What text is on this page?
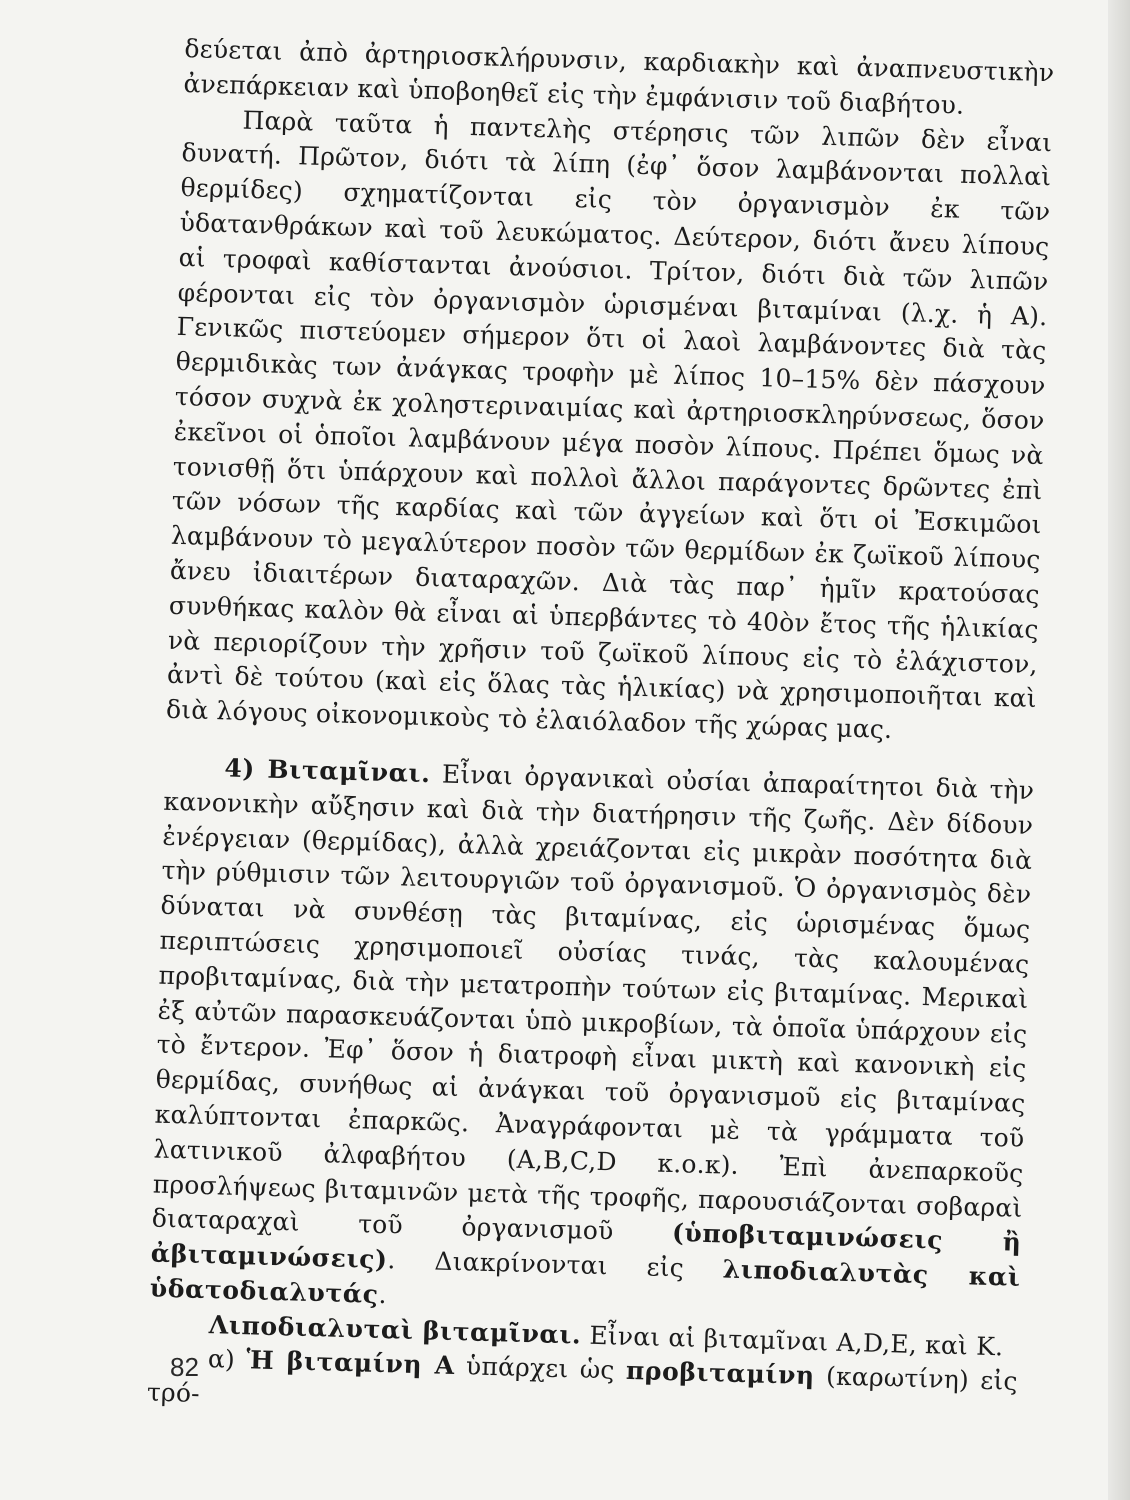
δεύεται ἀπὸ ἀρτηριοσκλήρυνσιν, καρδιακὴν καὶ ἀναπνευστικὴν ἀνεπάρκειαν καὶ ὑποβοηθεῖ εἰς τὴν ἐμφάνισιν τοῦ διαβήτου.

Παρὰ ταῦτα ἡ παντελὴς στέρησις τῶν λιπῶν δὲν εἶναι δυνατή. Πρῶτον, διότι τὰ λίπη (ἐφ᾽ ὅσον λαμβάνονται πολλαὶ θερμίδες) σχηματίζονται εἰς τὸν ὀργανισμὸν ἐκ τῶν ὑδατανθράκων καὶ τοῦ λευκώματος. Δεύτερον, διότι ἄνευ λίπους αἱ τροφαὶ καθίστανται ἀνούσιοι. Τρίτον, διότι διὰ τῶν λιπῶν φέρονται εἰς τὸν ὀργανισμὸν ὡρισμέναι βιταμίναι (λ.χ. ἡ Α). Γενικῶς πιστεύομεν σήμερον ὅτι οἱ λαοὶ λαμβάνοντες διὰ τὰς θερμιδικὰς των ἀνάγκας τροφὴν μὲ λίπος 10–15% δὲν πάσχουν τόσον συχνὰ ἐκ χοληστεριναιμίας καὶ ἀρτηριοσκληρύνσεως, ὅσον ἐκεῖνοι οἱ ὁποῖοι λαμβάνουν μέγα ποσὸν λίπους. Πρέπει ὅμως νὰ τονισθῇ ὅτι ὑπάρχουν καὶ πολλοὶ ἄλλοι παράγοντες δρῶντες ἐπὶ τῶν νόσων τῆς καρδίας καὶ τῶν ἀγγείων καὶ ὅτι οἱ Ἐσκιμῶοι λαμβάνουν τὸ μεγαλύτερον ποσὸν τῶν θερμίδων ἐκ ζωϊκοῦ λίπους ἄνευ ἰδιαιτέρων διαταραχῶν. Διὰ τὰς παρ᾽ ἡμῖν κρατούσας συνθήκας καλὸν θὰ εἶναι αἱ ὑπερβάντες τὸ 40ὸν ἔτος τῆς ἡλικίας νὰ περιορίζουν τὴν χρῆσιν τοῦ ζωϊκοῦ λίπους εἰς τὸ ἐλάχιστον, ἀντὶ δὲ τούτου (καὶ εἰς ὅλας τὰς ἡλικίας) νὰ χρησιμοποιῆται καὶ διὰ λόγους οἰκονομικοὺς τὸ ἐλαιόλαδον τῆς χώρας μας.

4) Βιταμῖναι. Εἶναι ὀργανικαὶ οὐσίαι ἀπαραίτητοι διὰ τὴν κανονικὴν αὔξησιν καὶ διὰ τὴν διατήρησιν τῆς ζωῆς. Δὲν δίδουν ἐνέργειαν (θερμίδας), ἀλλὰ χρειάζονται εἰς μικρὰν ποσότητα διὰ τὴν ρύθμισιν τῶν λειτουργιῶν τοῦ ὀργανισμοῦ. Ὁ ὀργανισμὸς δὲν δύναται νὰ συνθέσῃ τὰς βιταμίνας, εἰς ὡρισμένας ὅμως περιπτώσεις χρησιμοποιεῖ οὐσίας τινάς, τὰς καλουμένας προβιταμίνας, διὰ τὴν μετατροπὴν τούτων εἰς βιταμίνας. Μερικαὶ ἐξ αὐτῶν παρασκευάζονται ὑπὸ μικροβίων, τὰ ὁποῖα ὑπάρχουν εἰς τὸ ἔντερον. Ἐφ᾽ ὅσον ἡ διατροφὴ εἶναι μικτὴ καὶ κανονικὴ εἰς θερμίδας, συνήθως αἱ ἀνάγκαι τοῦ ὀργανισμοῦ εἰς βιταμίνας καλύπτονται ἐπαρκῶς. Ἀναγράφονται μὲ τὰ γράμματα τοῦ λατινικοῦ ἀλφαβήτου (A,B,C,D κ.ο.κ). Ἐπὶ ἀνεπαρκοῦς προσλήψεως βιταμινῶν μετὰ τῆς τροφῆς, παρουσιάζονται σοβαραὶ διαταραχαὶ τοῦ ὀργανισμοῦ (ὑποβιταμινώσεις ἢ ἀβιταμινώσεις). Διακρίνονται εἰς λιποδιαλυτὰς καὶ ὑδατοδιαλυτάς.

Λιποδιαλυταὶ βιταμῖναι. Εἶναι αἱ βιταμῖναι A,D,E, καὶ K.

α) Ἡ βιταμίνη Α ὑπάρχει ὡς προβιταμίνη (καρωτίνη) εἰς τρό-

82
